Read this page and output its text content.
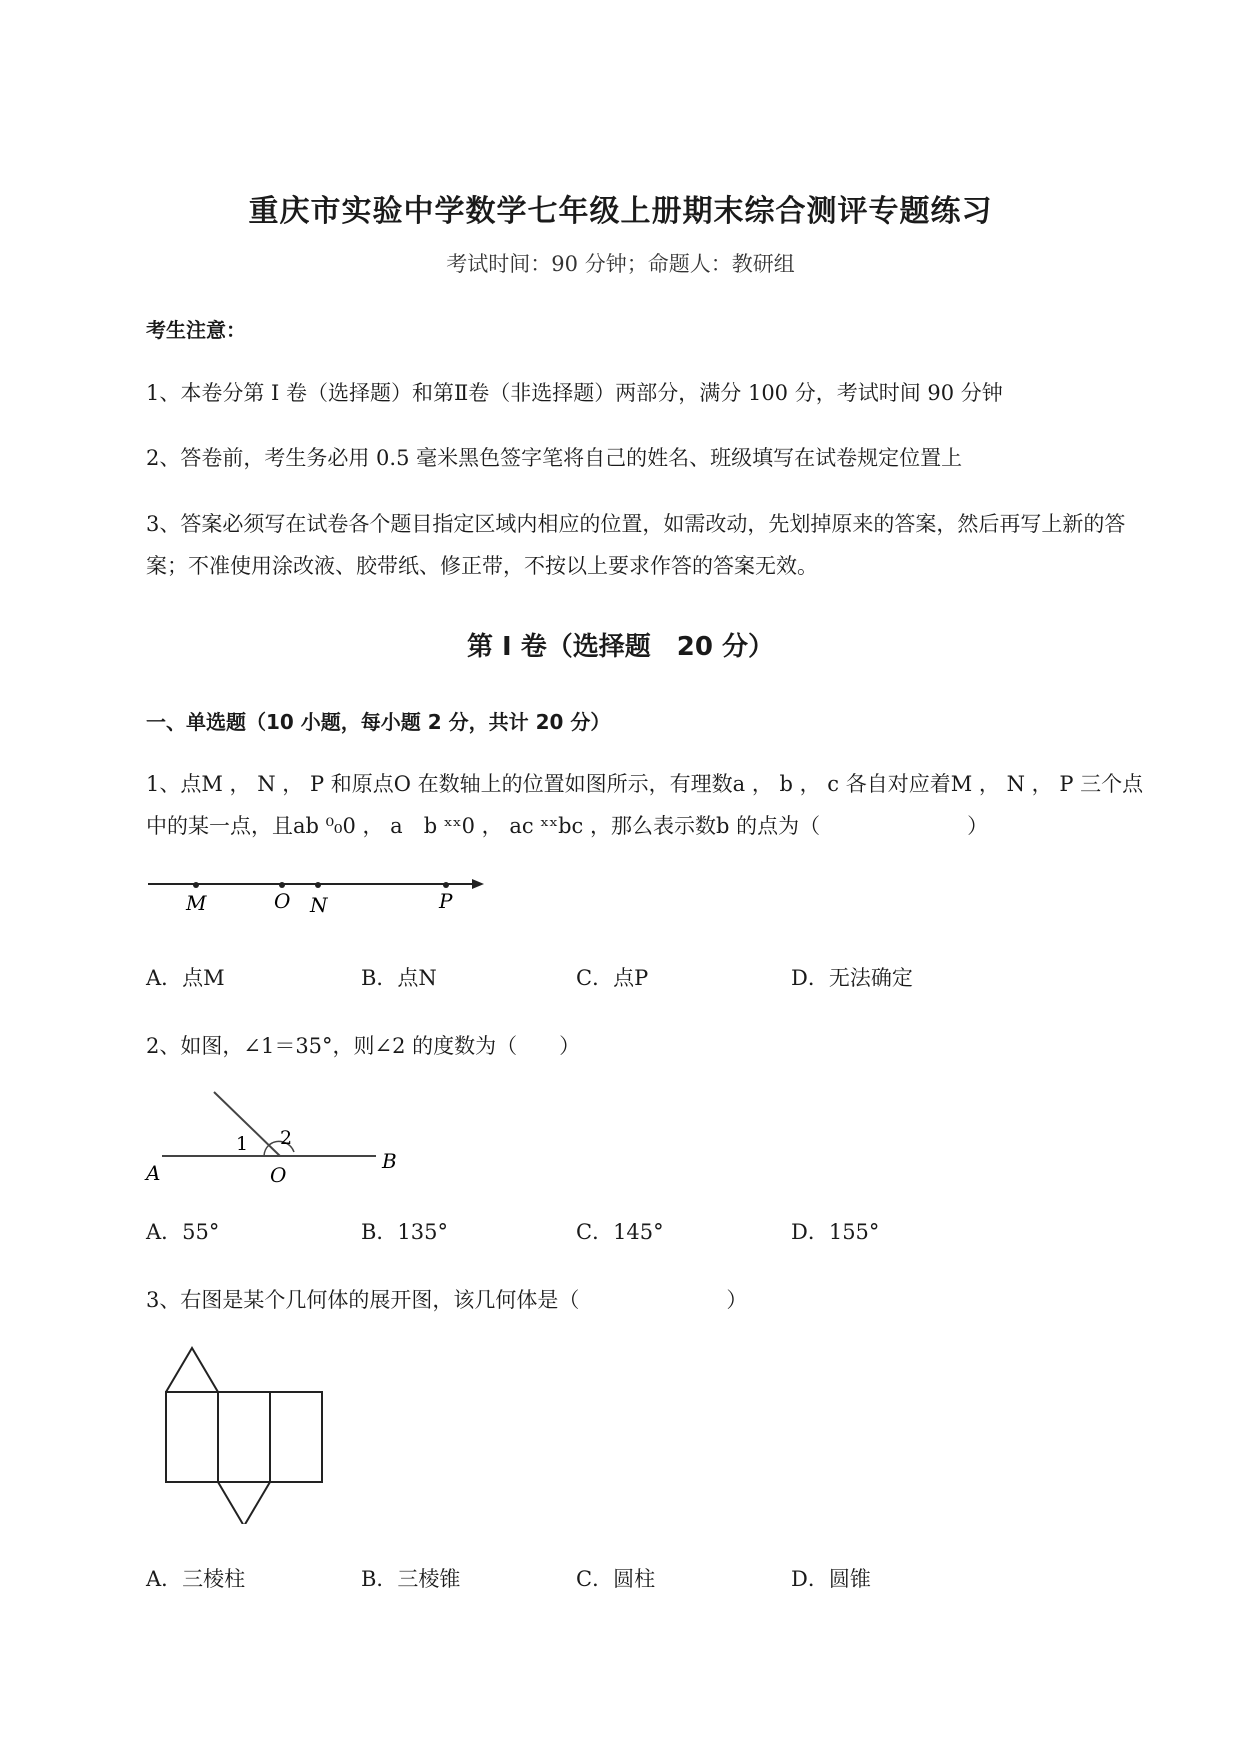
重庆市实验中学数学七年级上册期末综合测评专题练习
考试时间：90 分钟；命题人：教研组
考生注意：
1、本卷分第 I 卷（选择题）和第Ⅱ卷（非选择题）两部分，满分 100 分，考试时间 90 分钟
2、答卷前，考生务必用 0.5 毫米黑色签字笔将自己的姓名、班级填写在试卷规定位置上
3、答案必须写在试卷各个题目指定区域内相应的位置，如需改动，先划掉原来的答案，然后再写上新的答案；不准使用涂改液、胶带纸、修正带，不按以上要求作答的答案无效。
第 I 卷（选择题　20 分）
一、单选题（10 小题，每小题 2 分，共计 20 分）
1、点M ， N ， P 和原点O 在数轴上的位置如图所示，有理数a ， b ， c 各自对应着M ， N ， P 三个点
中的某一点，且ab ⁰₀0 ， a　b ˣˣ0 ， ac ˣˣbc ，那么表示数b 的点为（　　　　　　　）
M	O N	P
A．点M	B．点N	C．点P	D．无法确定
2、如图，∠1＝35°，则∠2 的度数为（　　）
A	O
B
1 2
A．55°	B．135°	C．145°	D．155°
3、右图是某个几何体的展开图，该几何体是（　　　　　　　）
A．三棱柱	B．三棱锥	C．圆柱	D．圆锥
